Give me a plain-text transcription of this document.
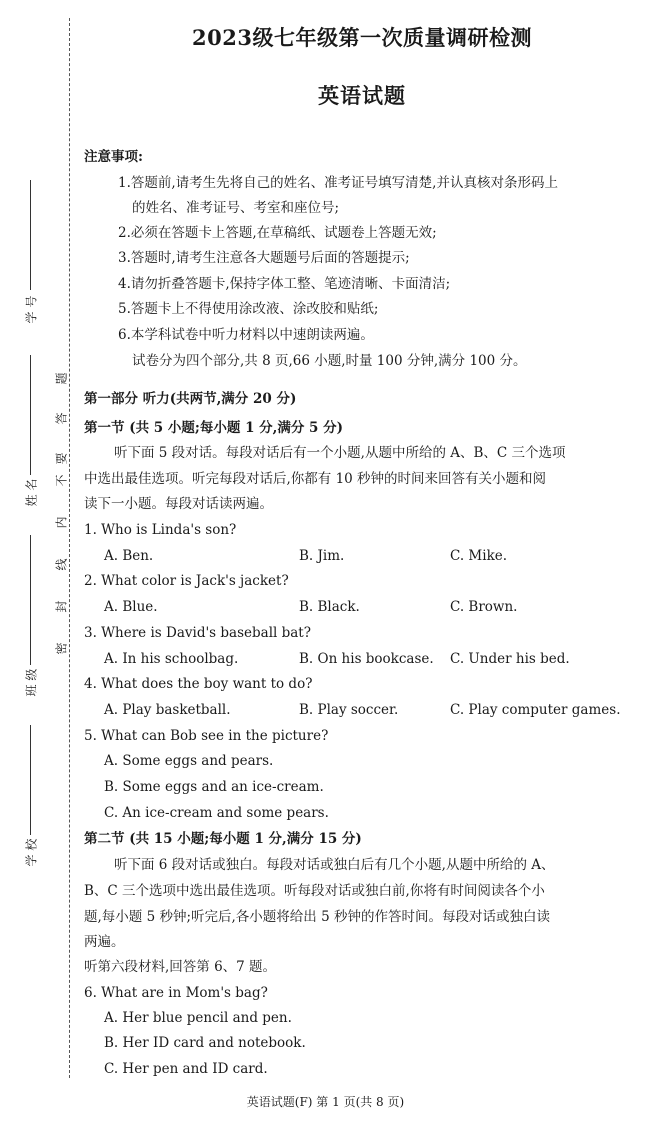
学 号
姓 名
班 级
学 校
密
封
线
内
不
要
答
题
2023级七年级第一次质量调研检测
英语试题
注意事项:
1.答题前,请考生先将自己的姓名、准考证号填写清楚,并认真核对条形码上
的姓名、准考证号、考室和座位号;
2.必须在答题卡上答题,在草稿纸、试题卷上答题无效;
3.答题时,请考生注意各大题题号后面的答题提示;
4.请勿折叠答题卡,保持字体工整、笔迹清晰、卡面清洁;
5.答题卡上不得使用涂改液、涂改胶和贴纸;
6.本学科试卷中听力材料以中速朗读两遍。
试卷分为四个部分,共 8 页,66 小题,时量 100 分钟,满分 100 分。
第一部分 听力(共两节,满分 20 分)
第一节 (共 5 小题;每小题 1 分,满分 5 分)
听下面 5 段对话。每段对话后有一个小题,从题中所给的 A、B、C 三个选项
中选出最佳选项。听完每段对话后,你都有 10 秒钟的时间来回答有关小题和阅
读下一小题。每段对话读两遍。
1. Who is Linda's son?
A. Ben.	B. Jim.	C. Mike.
2. What color is Jack's jacket?
A. Blue.	B. Black.	C. Brown.
3. Where is David's baseball bat?
A. In his schoolbag.	B. On his bookcase. C. Under his bed.
4. What does the boy want to do?
A. Play basketball.	B. Play soccer.	C. Play computer games.
5. What can Bob see in the picture?
A. Some eggs and pears.
B. Some eggs and an ice-cream.
C. An ice-cream and some pears.
第二节 (共 15 小题;每小题 1 分,满分 15 分)
听下面 6 段对话或独白。每段对话或独白后有几个小题,从题中所给的 A、
B、C 三个选项中选出最佳选项。听每段对话或独白前,你将有时间阅读各个小
题,每小题 5 秒钟;听完后,各小题将给出 5 秒钟的作答时间。每段对话或独白读
两遍。
听第六段材料,回答第 6、7 题。
6. What are in Mom's bag?
A. Her blue pencil and pen.
B. Her ID card and notebook.
C. Her pen and ID card.
英语试题(F) 第 1 页(共 8 页)
